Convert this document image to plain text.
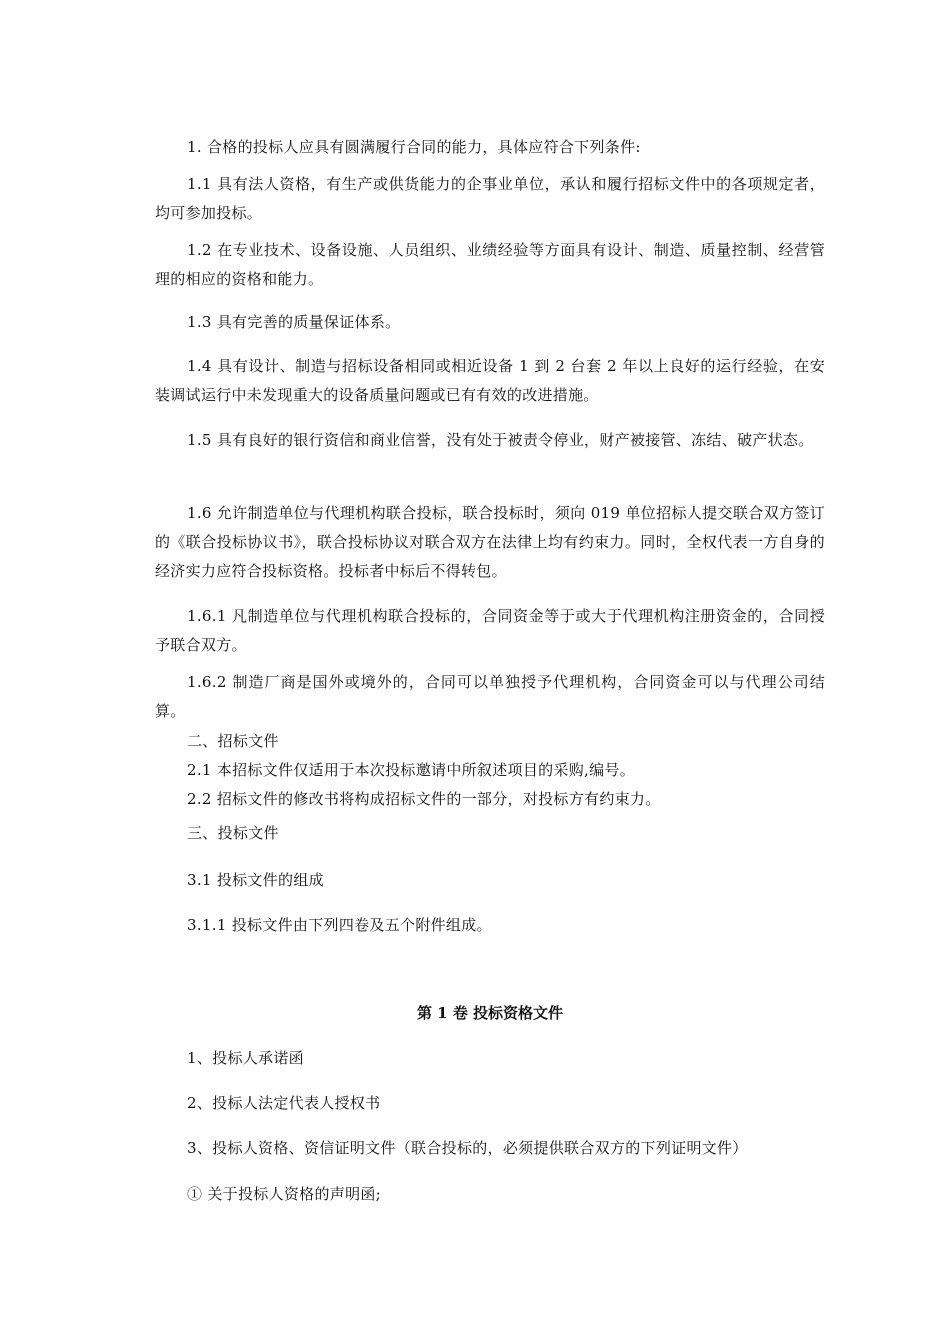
1. 合格的投标人应具有圆满履行合同的能力，具体应符合下列条件:
1.1 具有法人资格，有生产或供货能力的企事业单位，承认和履行招标文件中的各项规定者，均可参加投标。
1.2 在专业技术、设备设施、人员组织、业绩经验等方面具有设计、制造、质量控制、经营管理的相应的资格和能力。
1.3 具有完善的质量保证体系。
1.4 具有设计、制造与招标设备相同或相近设备 1 到 2 台套 2 年以上良好的运行经验，在安装调试运行中未发现重大的设备质量问题或已有有效的改进措施。
1.5 具有良好的银行资信和商业信誉，没有处于被责令停业，财产被接管、冻结、破产状态。
1.6 允许制造单位与代理机构联合投标，联合投标时，须向 019 单位招标人提交联合双方签订的《联合投标协议书》，联合投标协议对联合双方在法律上均有约束力。同时，全权代表一方自身的经济实力应符合投标资格。投标者中标后不得转包。
1.6.1 凡制造单位与代理机构联合投标的，合同资金等于或大于代理机构注册资金的，合同授予联合双方。
1.6.2 制造厂商是国外或境外的，合同可以单独授予代理机构，合同资金可以与代理公司结算。
二、招标文件
2.1 本招标文件仅适用于本次投标邀请中所叙述项目的采购,编号。
2.2 招标文件的修改书将构成招标文件的一部分，对投标方有约束力。
三、投标文件
3.1 投标文件的组成
3.1.1 投标文件由下列四卷及五个附件组成。
第 1 卷 投标资格文件
1、投标人承诺函
2、投标人法定代表人授权书
3、投标人资格、资信证明文件（联合投标的，必须提供联合双方的下列证明文件）
① 关于投标人资格的声明函;
